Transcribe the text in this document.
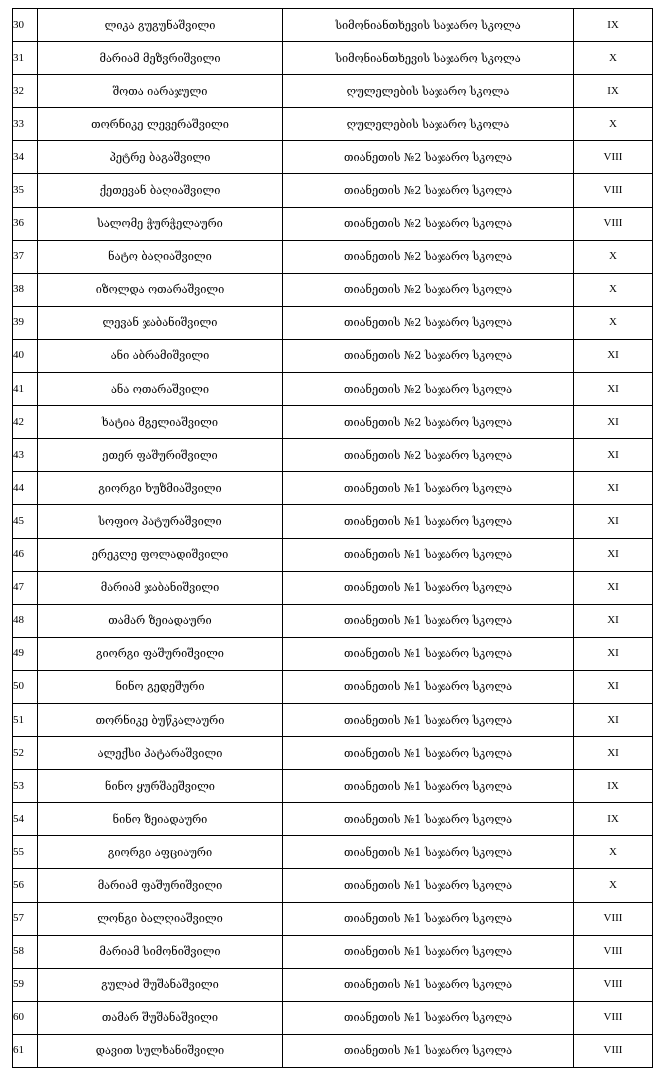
30	ლიკა გუგუნაშვილი	სიმონიანთხევის საჯარო სკოლა	IX
31	მარიამ მეზვრიშვილი	სიმონიანთხევის საჯარო სკოლა	X
32	შოთა იარაჯული	ღულელების საჯარო სკოლა	IX
33	თორნიკე ლევერაშვილი	ღულელების საჯარო სკოლა	X
34	პეტრე ბაგაშვილი	თიანეთის №2 საჯარო სკოლა	VIII
35	ქეთევან ბაღიაშვილი	თიანეთის №2 საჯარო სკოლა	VIII
36	სალომე ჭურჭელაური	თიანეთის №2 საჯარო სკოლა	VIII
37	ნატო ბაღიაშვილი	თიანეთის №2 საჯარო სკოლა	X
38	იზოლდა ოთარაშვილი	თიანეთის №2 საჯარო სკოლა	X
39	ლევან ჯაბანიშვილი	თიანეთის №2 საჯარო სკოლა	X
40	ანი აბრამიშვილი	თიანეთის №2 საჯარო სკოლა	XI
41	ანა ოთარაშვილი	თიანეთის №2 საჯარო სკოლა	XI
42	ხატია მგელიაშვილი	თიანეთის №2 საჯარო სკოლა	XI
43	ეთერ ფაშურიშვილი	თიანეთის №2 საჯარო სკოლა	XI
44	გიორგი ხუზმიაშვილი	თიანეთის №1 საჯარო სკოლა	XI
45	სოფიო პატურაშვილი	თიანეთის №1 საჯარო სკოლა	XI
46	ერეკლე ფოლადიშვილი	თიანეთის №1 საჯარო სკოლა	XI
47	მარიამ ჯაბანიშვილი	თიანეთის №1 საჯარო სკოლა	XI
48	თამარ ზეიადაური	თიანეთის №1 საჯარო სკოლა	XI
49	გიორგი ფაშურიშვილი	თიანეთის №1 საჯარო სკოლა	XI
50	ნინო გედეშური	თიანეთის №1 საჯარო სკოლა	XI
51	თორნიკე ბუწკალაური	თიანეთის №1 საჯარო სკოლა	XI
52	ალექსი პატარაშვილი	თიანეთის №1 საჯარო სკოლა	XI
53	ნინო ყურშაეშვილი	თიანეთის №1 საჯარო სკოლა	IX
54	ნინო ზეიადაური	თიანეთის №1 საჯარო სკოლა	IX
55	გიორგი აფციაური	თიანეთის №1 საჯარო სკოლა	X
56	მარიამ ფაშურიშვილი	თიანეთის №1 საჯარო სკოლა	X
57	ლონგი ბალღიაშვილი	თიანეთის №1 საჯარო სკოლა	VIII
58	მარიამ სიმონიშვილი	თიანეთის №1 საჯარო სკოლა	VIII
59	გულაძ შუშანაშვილი	თიანეთის №1 საჯარო სკოლა	VIII
60	თამარ შუშანაშვილი	თიანეთის №1 საჯარო სკოლა	VIII
61	დავით სულხანიშვილი	თიანეთის №1 საჯარო სკოლა	VIII
